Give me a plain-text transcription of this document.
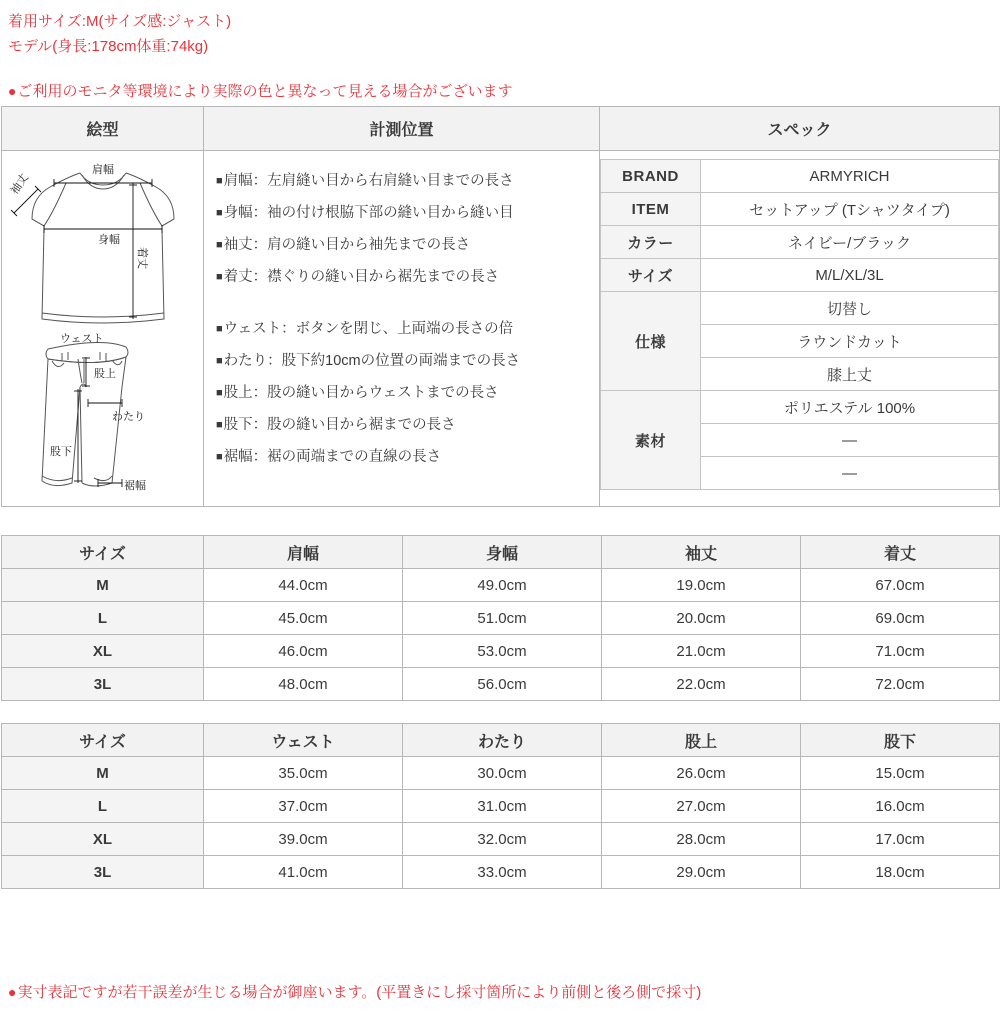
着用サイズ:M(サイズ感:ジャスト)
モデル(身長:178cm体重:74kg)
● ご利用のモニタ等環境により実際の色と異なって見える場合がございます
絵型	計測位置	スペック

肩幅
身幅
袖丈
着丈
ウェスト
股上
わたり
股下
裾幅

■肩幅：左肩縫い目から右肩縫い目までの長さ
■身幅：袖の付け根脇下部の縫い目から縫い目
■袖丈：肩の縫い目から袖先までの長さ
■着丈：襟ぐりの縫い目から裾先までの長さ
■ウェスト：ボタンを閉じ、上両端の長さの倍
■わたり：股下約10cmの位置の両端までの長さ
■股上：股の縫い目からウェストまでの長さ
■股下：股の縫い目から裾までの長さ
■裾幅：裾の両端までの直線の長さ

BRAND	ARMYRICH
ITEM	セットアップ (Tシャツタイプ)
カラー	ネイビー/ブラック
サイズ	M/L/XL/3L
仕様	切替し
ラウンドカット
膝上丈
素材	ポリエステル 100%
―
―
サイズ	肩幅	身幅	袖丈	着丈
M	44.0cm	49.0cm	19.0cm	67.0cm
L	45.0cm	51.0cm	20.0cm	69.0cm
XL	46.0cm	53.0cm	21.0cm	71.0cm
3L	48.0cm	56.0cm	22.0cm	72.0cm
サイズ	ウェスト	わたり	股上	股下
M	35.0cm	30.0cm	26.0cm	15.0cm
L	37.0cm	31.0cm	27.0cm	16.0cm
XL	39.0cm	32.0cm	28.0cm	17.0cm
3L	41.0cm	33.0cm	29.0cm	18.0cm
● 実寸表記ですが若干誤差が生じる場合が御座います。(平置きにし採寸箇所により前側と後ろ側で採寸)
